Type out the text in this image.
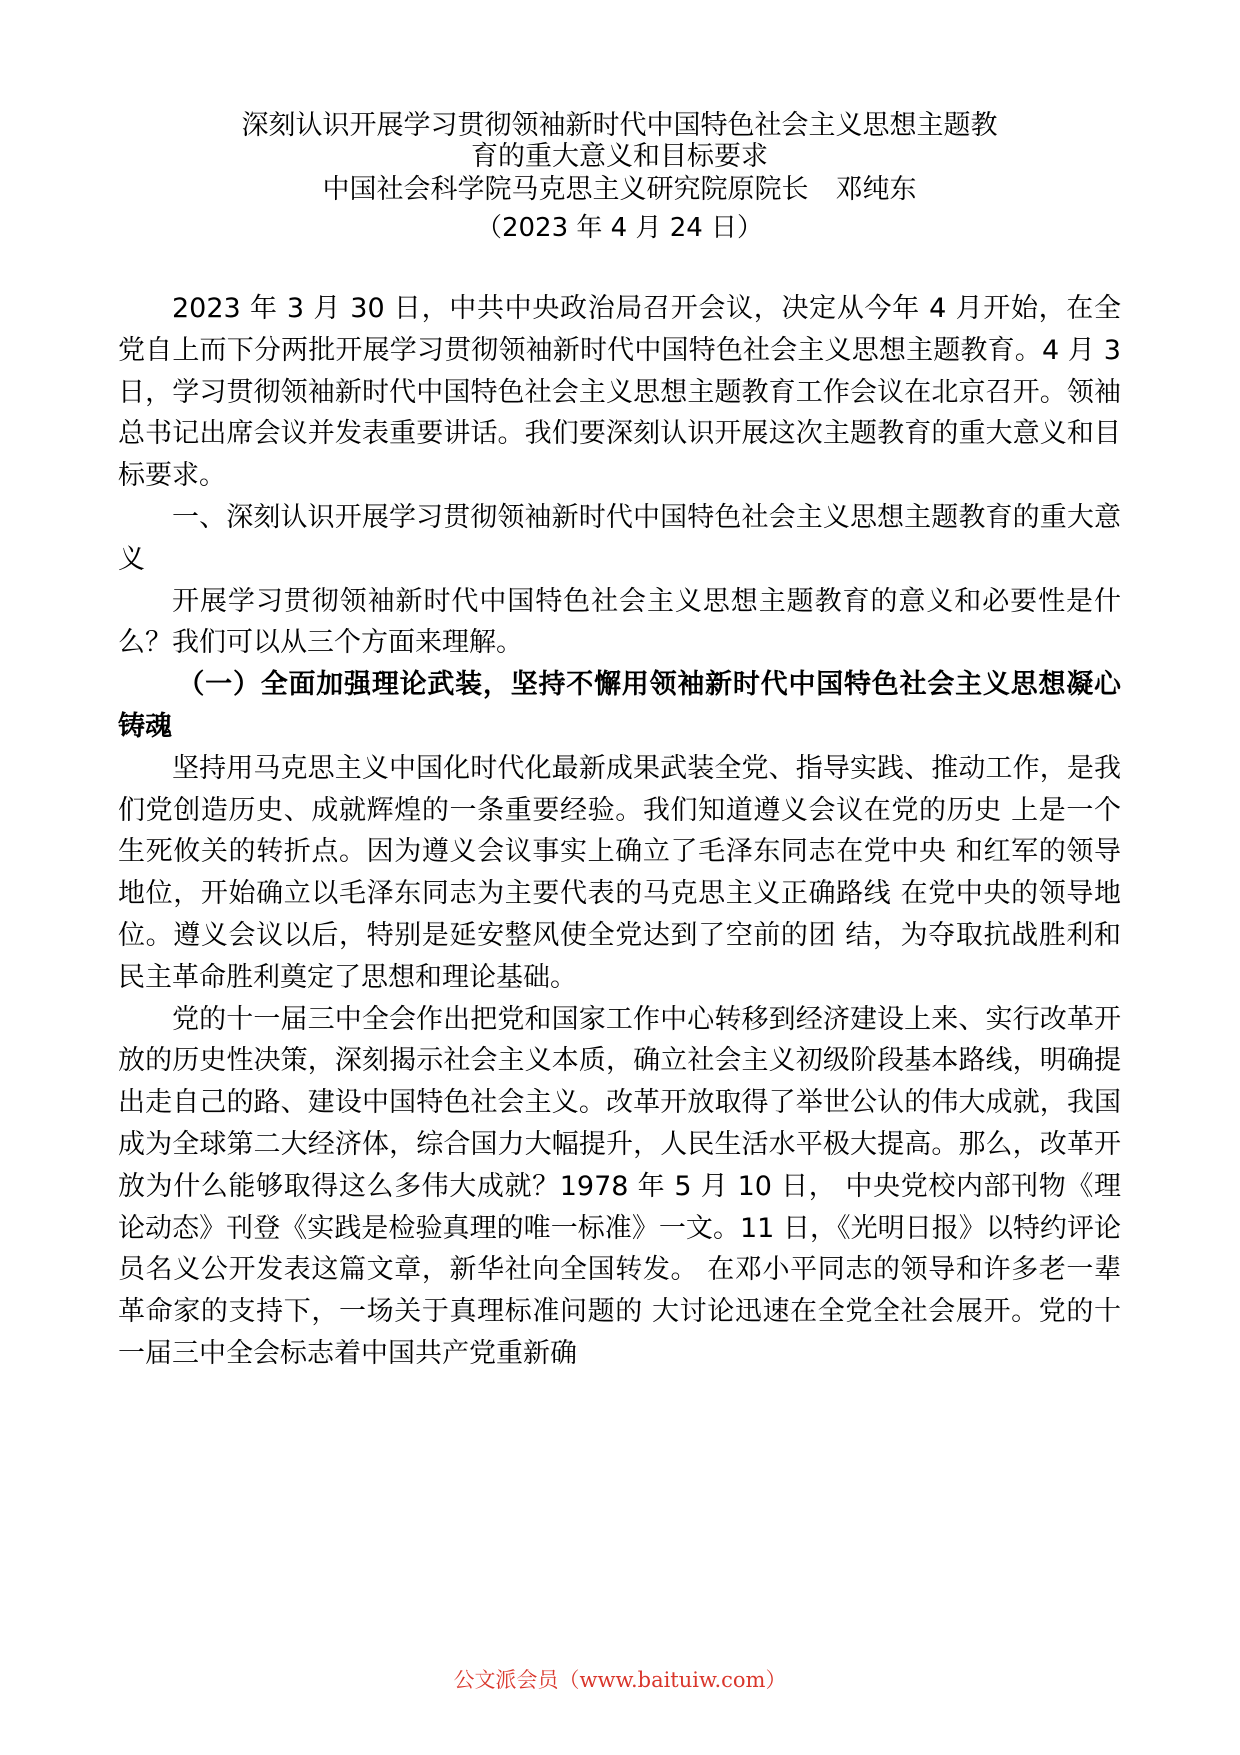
深刻认识开展学习贯彻领袖新时代中国特色社会主义思想主题教育的重大意义和目标要求

中国社会科学院马克思主义研究院原院长　邓纯东

（2023 年 4 月 24 日）

2023 年 3 月 30 日，中共中央政治局召开会议，决定从今年 4 月开始，在全党自上而下分两批开展学习贯彻领袖新时代中国特色社会主义思想主题教育。4 月 3 日，学习贯彻领袖新时代中国特色社会主义思想主题教育工作会议在北京召开。领袖总书记出席会议并发表重要讲话。我们要深刻认识开展这次主题教育的重大意义和目标要求。

一、深刻认识开展学习贯彻领袖新时代中国特色社会主义思想主题教育的重大意义

开展学习贯彻领袖新时代中国特色社会主义思想主题教育的意义和必要性是什么？我们可以从三个方面来理解。

（一）全面加强理论武装，坚持不懈用领袖新时代中国特色社会主义思想凝心铸魂

坚持用马克思主义中国化时代化最新成果武装全党、指导实践、推动工作，是我们党创造历史、成就辉煌的一条重要经验。我们知道遵义会议在党的历史 上是一个生死攸关的转折点。因为遵义会议事实上确立了毛泽东同志在党中央 和红军的领导地位，开始确立以毛泽东同志为主要代表的马克思主义正确路线 在党中央的领导地位。遵义会议以后，特别是延安整风使全党达到了空前的团 结，为夺取抗战胜利和民主革命胜利奠定了思想和理论基础。

党的十一届三中全会作出把党和国家工作中心转移到经济建设上来、实行改革开放的历史性决策，深刻揭示社会主义本质，确立社会主义初级阶段基本路线，明确提出走自己的路、建设中国特色社会主义。改革开放取得了举世公认的伟大成就，我国成为全球第二大经济体，综合国力大幅提升，人民生活水平极大提高。那么，改革开放为什么能够取得这么多伟大成就？1978 年 5 月 10 日， 中央党校内部刊物《理论动态》刊登《实践是检验真理的唯一标准》一文。11 日，《光明日报》以特约评论员名义公开发表这篇文章，新华社向全国转发。 在邓小平同志的领导和许多老一辈革命家的支持下，一场关于真理标准问题的 大讨论迅速在全党全社会展开。党的十一届三中全会标志着中国共产党重新确

公文派会员（www.baituiw.com）
